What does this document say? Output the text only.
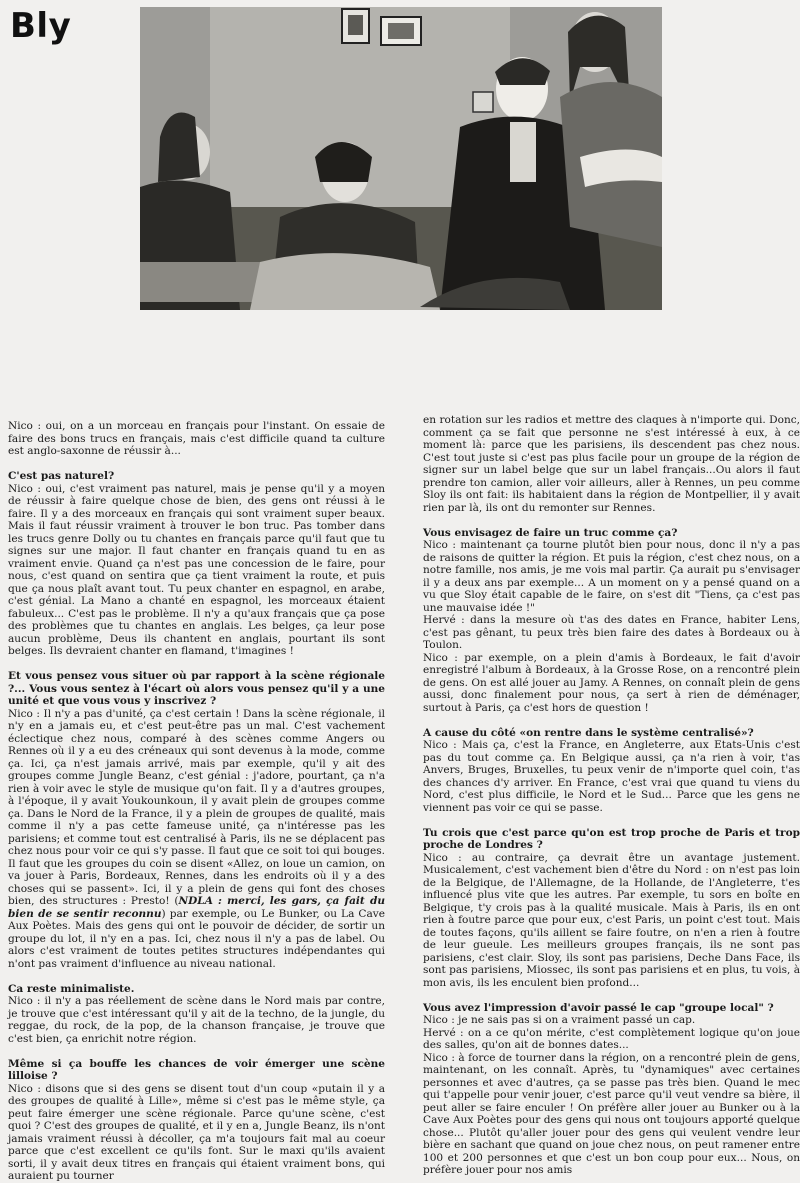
Bly

Nico : oui, on a un morceau en français pour l'instant. On essaie de faire des bons trucs en français, mais c'est difficile quand ta culture est anglo-saxonne de réussir à...

C'est pas naturel?

Nico : oui, c'est vraiment pas naturel, mais je pense qu'il y a moyen de réussir à faire quelque chose de bien, des gens ont réussi à le faire. Il y a des morceaux en français qui sont vraiment super beaux. Mais il faut réussir vraiment à trouver le bon truc. Pas tomber dans les trucs genre Dolly ou tu chantes en français parce qu'il faut que tu signes sur une major. Il faut chanter en français quand tu en as vraiment envie. Quand ça n'est pas une concession de le faire, pour nous, c'est quand on sentira que ça tient vraiment la route, et puis que ça nous plaît avant tout. Tu peux chanter en espagnol, en arabe, c'est génial. La Mano a chanté en espagnol, les morceaux étaient fabuleux... C'est pas le problème. Il n'y a qu'aux français que ça pose des problèmes que tu chantes en anglais. Les belges, ça leur pose aucun problème, Deus ils chantent en anglais, pourtant ils sont belges. Ils devraient chanter en flamand, t'imagines !

Et vous pensez vous situer où par rapport à la scène régionale ?... Vous vous sentez à l'écart où alors vous pensez qu'il y a une unité et que vous vous y inscrivez ?

Nico : Il n'y a pas d'unité, ça c'est certain ! Dans la scène régionale, il n'y en a jamais eu, et c'est peut-être pas un mal. C'est vachement éclectique chez nous, comparé à des scènes comme Angers ou Rennes où il y a eu des créneaux qui sont devenus à la mode, comme ça. Ici, ça n'est jamais arrivé, mais par exemple, qu'il y ait des groupes comme Jungle Beanz, c'est génial : j'adore, pourtant, ça n'a rien à voir avec le style de musique qu'on fait. Il y a d'autres groupes, à l'époque, il y avait Youkounkoun, il y avait plein de groupes comme ça. Dans le Nord de la France, il y a plein de groupes de qualité, mais comme il n'y a pas cette fameuse unité, ça n'intéresse pas les parisiens; et comme tout est centralisé à Paris, ils ne se déplacent pas chez nous pour voir ce qui s'y passe. Il faut que ce soit toi qui bouges. Il faut que les groupes du coin se disent «Allez, on loue un camion, on va jouer à Paris, Bordeaux, Rennes, dans les endroits où il y a des choses qui se passent». Ici, il y a plein de gens qui font des choses bien, des structures : Presto! (NDLA : merci, les gars, ça fait du bien de se sentir reconnu) par exemple, ou Le Bunker, ou La Cave Aux Poètes. Mais des gens qui ont le pouvoir de décider, de sortir un groupe du lot, il n'y en a pas. Ici, chez nous il n'y a pas de label. Ou alors c'est vraiment de toutes petites structures indépendantes qui n'ont pas vraiment d'influence au niveau national.

Ca reste minimaliste.

Nico : il n'y a pas réellement de scène dans le Nord mais par contre, je trouve que c'est intéressant qu'il y ait de la techno, de la jungle, du reggae, du rock, de la pop, de la chanson française, je trouve que c'est bien, ça enrichit notre région.

Même si ça bouffe les chances de voir émerger une scène lilloise ?

Nico : disons que si des gens se disent tout d'un coup «putain il y a des groupes de qualité à Lille», même si c'est pas le même style, ça peut faire émerger une scène régionale. Parce qu'une scène, c'est quoi ? C'est des groupes de qualité, et il y en a, Jungle Beanz, ils n'ont jamais vraiment réussi à décoller, ça m'a toujours fait mal au coeur parce que c'est excellent ce qu'ils font. Sur le maxi qu'ils avaient sorti, il y avait deux titres en français qui étaient vraiment bons, qui auraient pu tourner

en rotation sur les radios et mettre des claques à n'importe qui. Donc, comment ça se fait que personne ne s'est intéressé à eux, à ce moment là: parce que les parisiens, ils descendent pas chez nous. C'est tout juste si c'est pas plus facile pour un groupe de la région de signer sur un label belge que sur un label français...Ou alors il faut prendre ton camion, aller voir ailleurs, aller à Rennes, un peu comme Sloy ils ont fait: ils habitaient dans la région de Montpellier, il y avait rien par là, ils ont du remonter sur Rennes.

Vous envisagez de faire un truc comme ça?

Nico : maintenant ça tourne plutôt bien pour nous, donc il n'y a pas de raisons de quitter la région. Et puis la région, c'est chez nous, on a notre famille, nos amis, je me vois mal partir. Ça aurait pu s'envisager il y a deux ans par exemple... A un moment on y a pensé quand on a vu que Sloy était capable de le faire, on s'est dit "Tiens, ça c'est pas une mauvaise idée !"

Hervé : dans la mesure où t'as des dates en France, habiter Lens, c'est pas gênant, tu peux très bien faire des dates à Bordeaux ou à Toulon.

Nico : par exemple, on a plein d'amis à Bordeaux, le fait d'avoir enregistré l'album à Bordeaux, à la Grosse Rose, on a rencontré plein de gens. On est allé jouer au Jamy. A Rennes, on connaît plein de gens aussi, donc finalement pour nous, ça sert à rien de déménager, surtout à Paris, ça c'est hors de question !

A cause du côté «on rentre dans le système centralisé»?

Nico : Mais ça, c'est la France, en Angleterre, aux Etats-Unis c'est pas du tout comme ça. En Belgique aussi, ça n'a rien à voir, t'as Anvers, Bruges, Bruxelles, tu peux venir de n'importe quel coin, t'as des chances d'y arriver. En France, c'est vrai que quand tu viens du Nord, c'est plus difficile, le Nord et le Sud... Parce que les gens ne viennent pas voir ce qui se passe.

Tu crois que c'est parce qu'on est trop proche de Paris et trop proche de Londres ?

Nico : au contraire, ça devrait être un avantage justement. Musicalement, c'est vachement bien d'être du Nord : on n'est pas loin de la Belgique, de l'Allemagne, de la Hollande, de l'Angleterre, t'es influencé plus vite que les autres. Par exemple, tu sors en boîte en Belgique, t'y crois pas à la qualité musicale. Mais à Paris, ils en ont rien à foutre parce que pour eux, c'est Paris, un point c'est tout. Mais de toutes façons, qu'ils aillent se faire foutre, on n'en a rien à foutre de leur gueule. Les meilleurs groupes français, ils ne sont pas parisiens, c'est clair. Sloy, ils sont pas parisiens, Deche Dans Face, ils sont pas parisiens, Miossec, ils sont pas parisiens et en plus, tu vois, à mon avis, ils les enculent bien profond...

Vous avez l'impression d'avoir passé le cap "groupe local" ?

Nico : je ne sais pas si on a vraiment passé un cap.

Hervé : on a ce qu'on mérite, c'est complètement logique qu'on joue des salles, qu'on ait de bonnes dates...

Nico : à force de tourner dans la région, on a rencontré plein de gens, maintenant, on les connaît. Après, tu "dynamiques" avec certaines personnes et avec d'autres, ça se passe pas très bien. Quand le mec qui t'appelle pour venir jouer, c'est parce qu'il veut vendre sa bière, il peut aller se faire enculer ! On préfère aller jouer au Bunker ou à la Cave Aux Poètes pour des gens qui nous ont toujours apporté quelque chose... Plutôt qu'aller jouer pour des gens qui veulent vendre leur bière en sachant que quand on joue chez nous, on peut ramener entre 100 et 200 personnes et que c'est un bon coup pour eux... Nous, on préfère jouer pour nos amis
